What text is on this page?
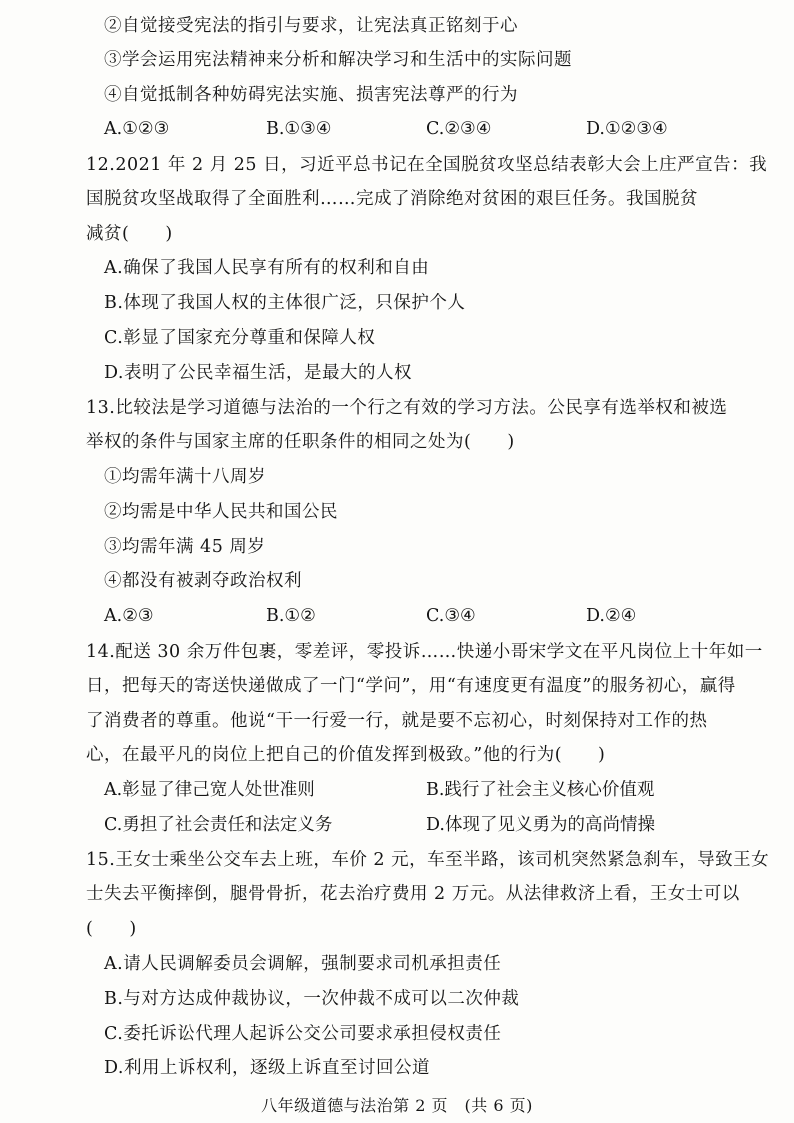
②自觉接受宪法的指引与要求，让宪法真正铭刻于心
③学会运用宪法精神来分析和解决学习和生活中的实际问题
④自觉抵制各种妨碍宪法实施、损害宪法尊严的行为
A.①②③	B.①③④	C.②③④	D.①②③④
12.2021 年 2 月 25 日，习近平总书记在全国脱贫攻坚总结表彰大会上庄严宣告：我
国脱贫攻坚战取得了全面胜利……完成了消除绝对贫困的艰巨任务。我国脱贫
减贫(　　)
A.确保了我国人民享有所有的权利和自由
B.体现了我国人权的主体很广泛，只保护个人
C.彰显了国家充分尊重和保障人权
D.表明了公民幸福生活，是最大的人权
13.比较法是学习道德与法治的一个行之有效的学习方法。公民享有选举权和被选
举权的条件与国家主席的任职条件的相同之处为(　　)
①均需年满十八周岁
②均需是中华人民共和国公民
③均需年满 45 周岁
④都没有被剥夺政治权利
A.②③	B.①②	C.③④	D.②④
14.配送 30 余万件包裹，零差评，零投诉……快递小哥宋学文在平凡岗位上十年如一
日，把每天的寄送快递做成了一门“学问”，用“有速度更有温度”的服务初心，赢得
了消费者的尊重。他说“干一行爱一行，就是要不忘初心，时刻保持对工作的热
心，在最平凡的岗位上把自己的价值发挥到极致。”他的行为(　　)
A.彰显了律己宽人处世准则	B.践行了社会主义核心价值观
C.勇担了社会责任和法定义务	D.体现了见义勇为的高尚情操
15.王女士乘坐公交车去上班，车价 2 元，车至半路，该司机突然紧急刹车，导致王女
士失去平衡摔倒，腿骨骨折，花去治疗费用 2 万元。从法律救济上看，王女士可以
(　　)
A.请人民调解委员会调解，强制要求司机承担责任
B.与对方达成仲裁协议，一次仲裁不成可以二次仲裁
C.委托诉讼代理人起诉公交公司要求承担侵权责任
D.利用上诉权利，逐级上诉直至讨回公道
八年级道德与法治第 2 页　(共 6 页)
